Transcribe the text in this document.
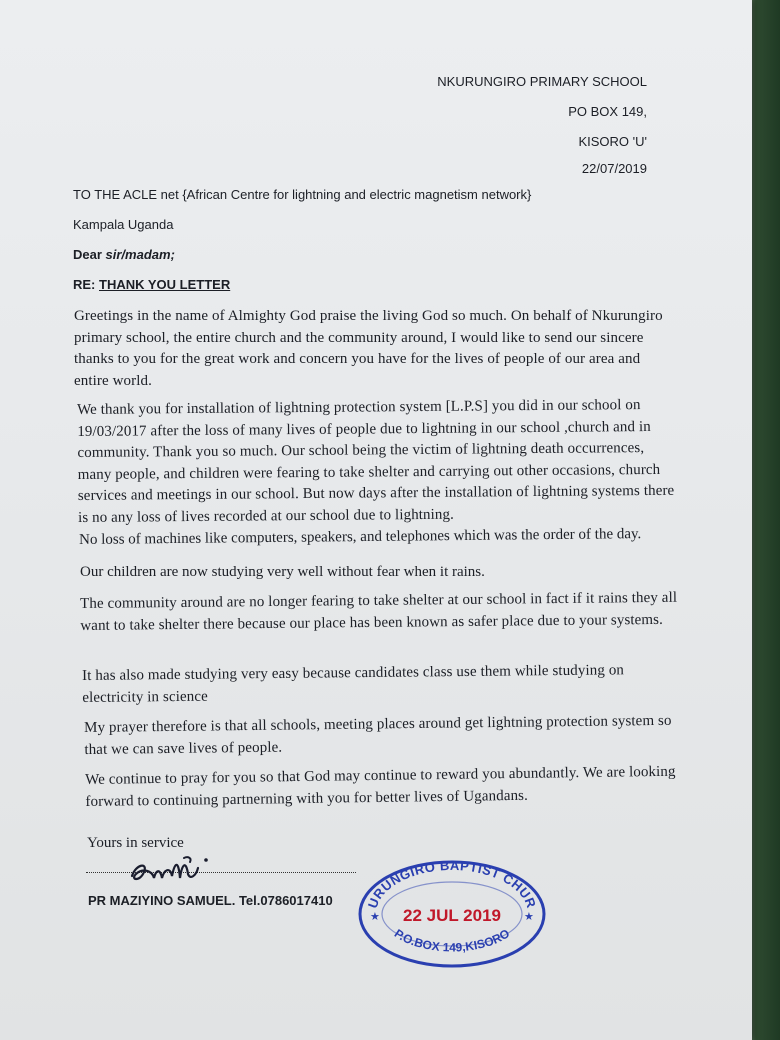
NKURUNGIRO PRIMARY SCHOOL
PO BOX 149,
KISORO 'U'
22/07/2019
TO THE ACLE net {African Centre for lightning and electric magnetism network}
Kampala Uganda
Dear sir/madam;
RE: THANK YOU LETTER
Greetings in the name of Almighty God praise the living God so much. On behalf of Nkurungiro primary school, the entire church and the community around, I would like to send our sincere thanks to you for the great work and concern you have for the lives of people of our area and entire world.
We thank you for installation of lightning protection system [L.P.S] you did in our school on 19/03/2017 after the loss of many lives of people due to lightning in our school ,church and in community. Thank you so much. Our school being the victim of lightning death occurrences, many people, and children were fearing to take shelter and carrying out other occasions, church services and meetings in our school. But now days after the installation of lightning systems there is no any loss of lives recorded at our school due to lightning.
No loss of machines like computers, speakers, and telephones which was the order of the day.
Our children are now studying very well without fear when it rains.
The community around are no longer fearing to take shelter at our school in fact if it rains they all want to take shelter there because our place has been known as safer place due to your systems.
It has also made studying very easy because candidates class use them while studying on electricity in science
My prayer therefore is that all schools, meeting places around get lightning protection system so that we can save lives of people.
We continue to pray for you so that God may continue to reward you abundantly. We are looking forward to continuing partnerning with you for better lives of Ugandans.
Yours in service
PR MAZIYINO SAMUEL. Tel.0786017410	URUNGIRO BAPTIST CHUR
P.O.BOX 149,KISORO
★	★
22 JUL 2019
